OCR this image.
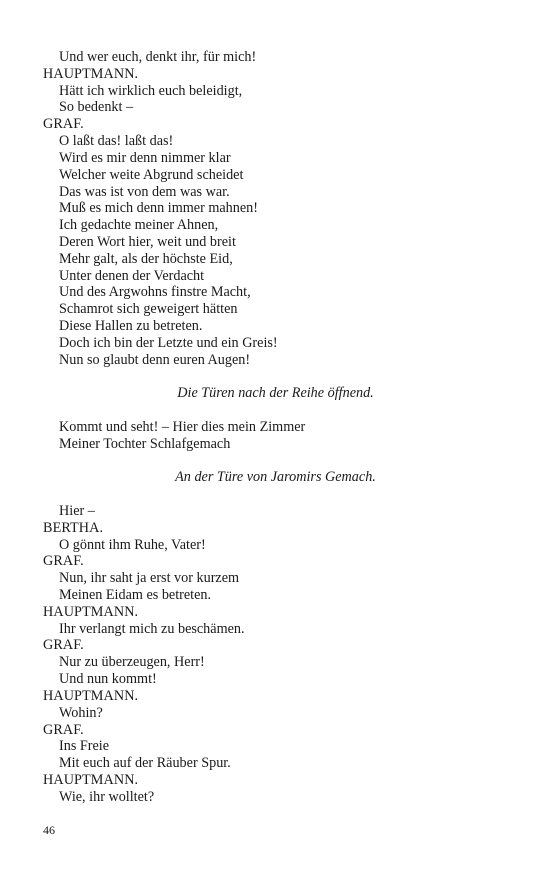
Und wer euch, denkt ihr, für mich!
HAUPTMANN.
Hätt ich wirklich euch beleidigt,
So bedenkt –
GRAF.
O laßt das! laßt das!
Wird es mir denn nimmer klar
Welcher weite Abgrund scheidet
Das was ist von dem was war.
Muß es mich denn immer mahnen!
Ich gedachte meiner Ahnen,
Deren Wort hier, weit und breit
Mehr galt, als der höchste Eid,
Unter denen der Verdacht
Und des Argwohns finstre Macht,
Schamrot sich geweigert hätten
Diese Hallen zu betreten.
Doch ich bin der Letzte und ein Greis!
Nun so glaubt denn euren Augen!
Die Türen nach der Reihe öffnend.
Kommt und seht! – Hier dies mein Zimmer
Meiner Tochter Schlafgemach
An der Türe von Jaromirs Gemach.
Hier –
BERTHA.
O gönnt ihm Ruhe, Vater!
GRAF.
Nun, ihr saht ja erst vor kurzem
Meinen Eidam es betreten.
HAUPTMANN.
Ihr verlangt mich zu beschämen.
GRAF.
Nur zu überzeugen, Herr!
Und nun kommt!
HAUPTMANN.
Wohin?
GRAF.
Ins Freie
Mit euch auf der Räuber Spur.
HAUPTMANN.
Wie, ihr wolltet?
46
